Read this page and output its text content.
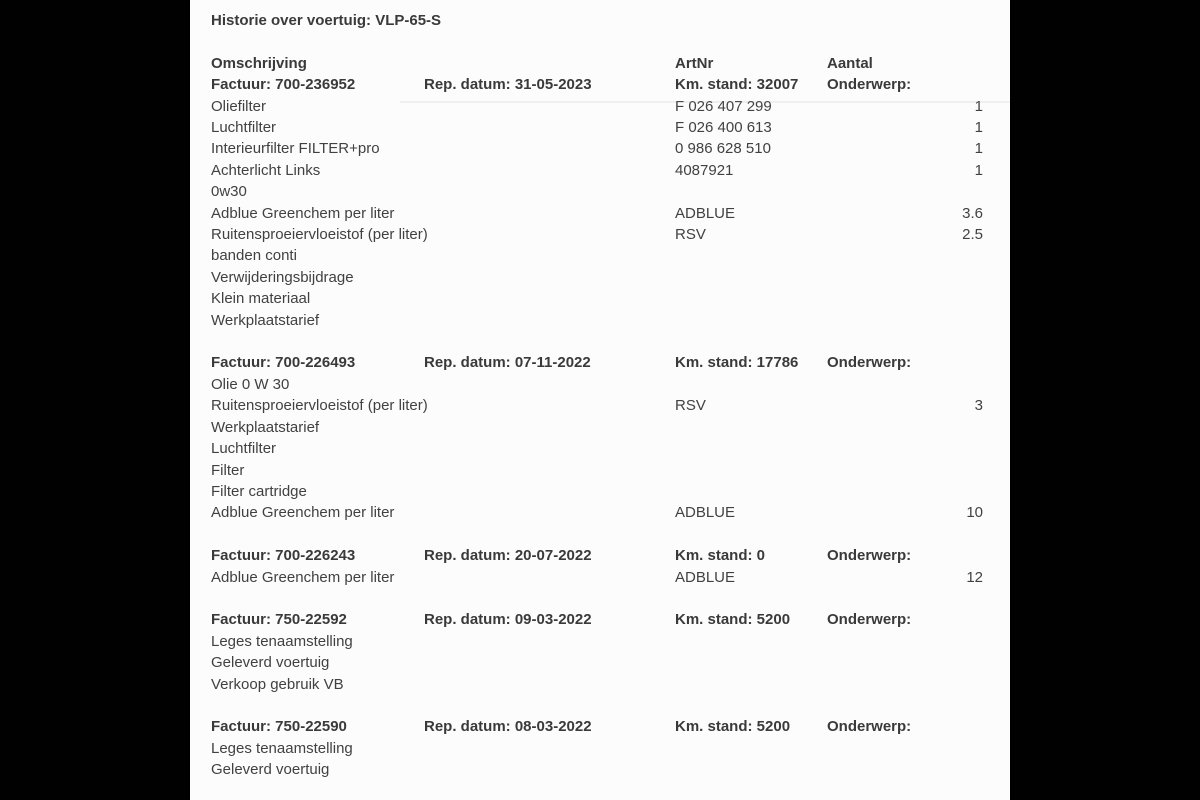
Historie over voertuig: VLP-65-S
Omschrijving	ArtNr	Aantal
Factuur: 700-236952	Rep. datum: 31-05-2023	Km. stand: 32007	Onderwerp:
Oliefilter	F 026 407 299	1
Luchtfilter	F 026 400 613	1
Interieurfilter FILTER+pro	0 986 628 510	1
Achterlicht Links	4087921	1
0w30
Adblue Greenchem per liter	ADBLUE	3.6
Ruitensproeiervloeistof (per liter)	RSV	2.5
banden conti
Verwijderingsbijdrage
Klein materiaal
Werkplaatstarief
Factuur: 700-226493	Rep. datum: 07-11-2022	Km. stand: 17786	Onderwerp:
Olie 0 W 30
Ruitensproeiervloeistof (per liter)	RSV	3
Werkplaatstarief
Luchtfilter
Filter
Filter cartridge
Adblue Greenchem per liter	ADBLUE	10
Factuur: 700-226243	Rep. datum: 20-07-2022	Km. stand: 0	Onderwerp:
Adblue Greenchem per liter	ADBLUE	12
Factuur: 750-22592	Rep. datum: 09-03-2022	Km. stand: 5200	Onderwerp:
Leges tenaamstelling
Geleverd voertuig
Verkoop gebruik VB
Factuur: 750-22590	Rep. datum: 08-03-2022	Km. stand: 5200	Onderwerp:
Leges tenaamstelling
Geleverd voertuig
